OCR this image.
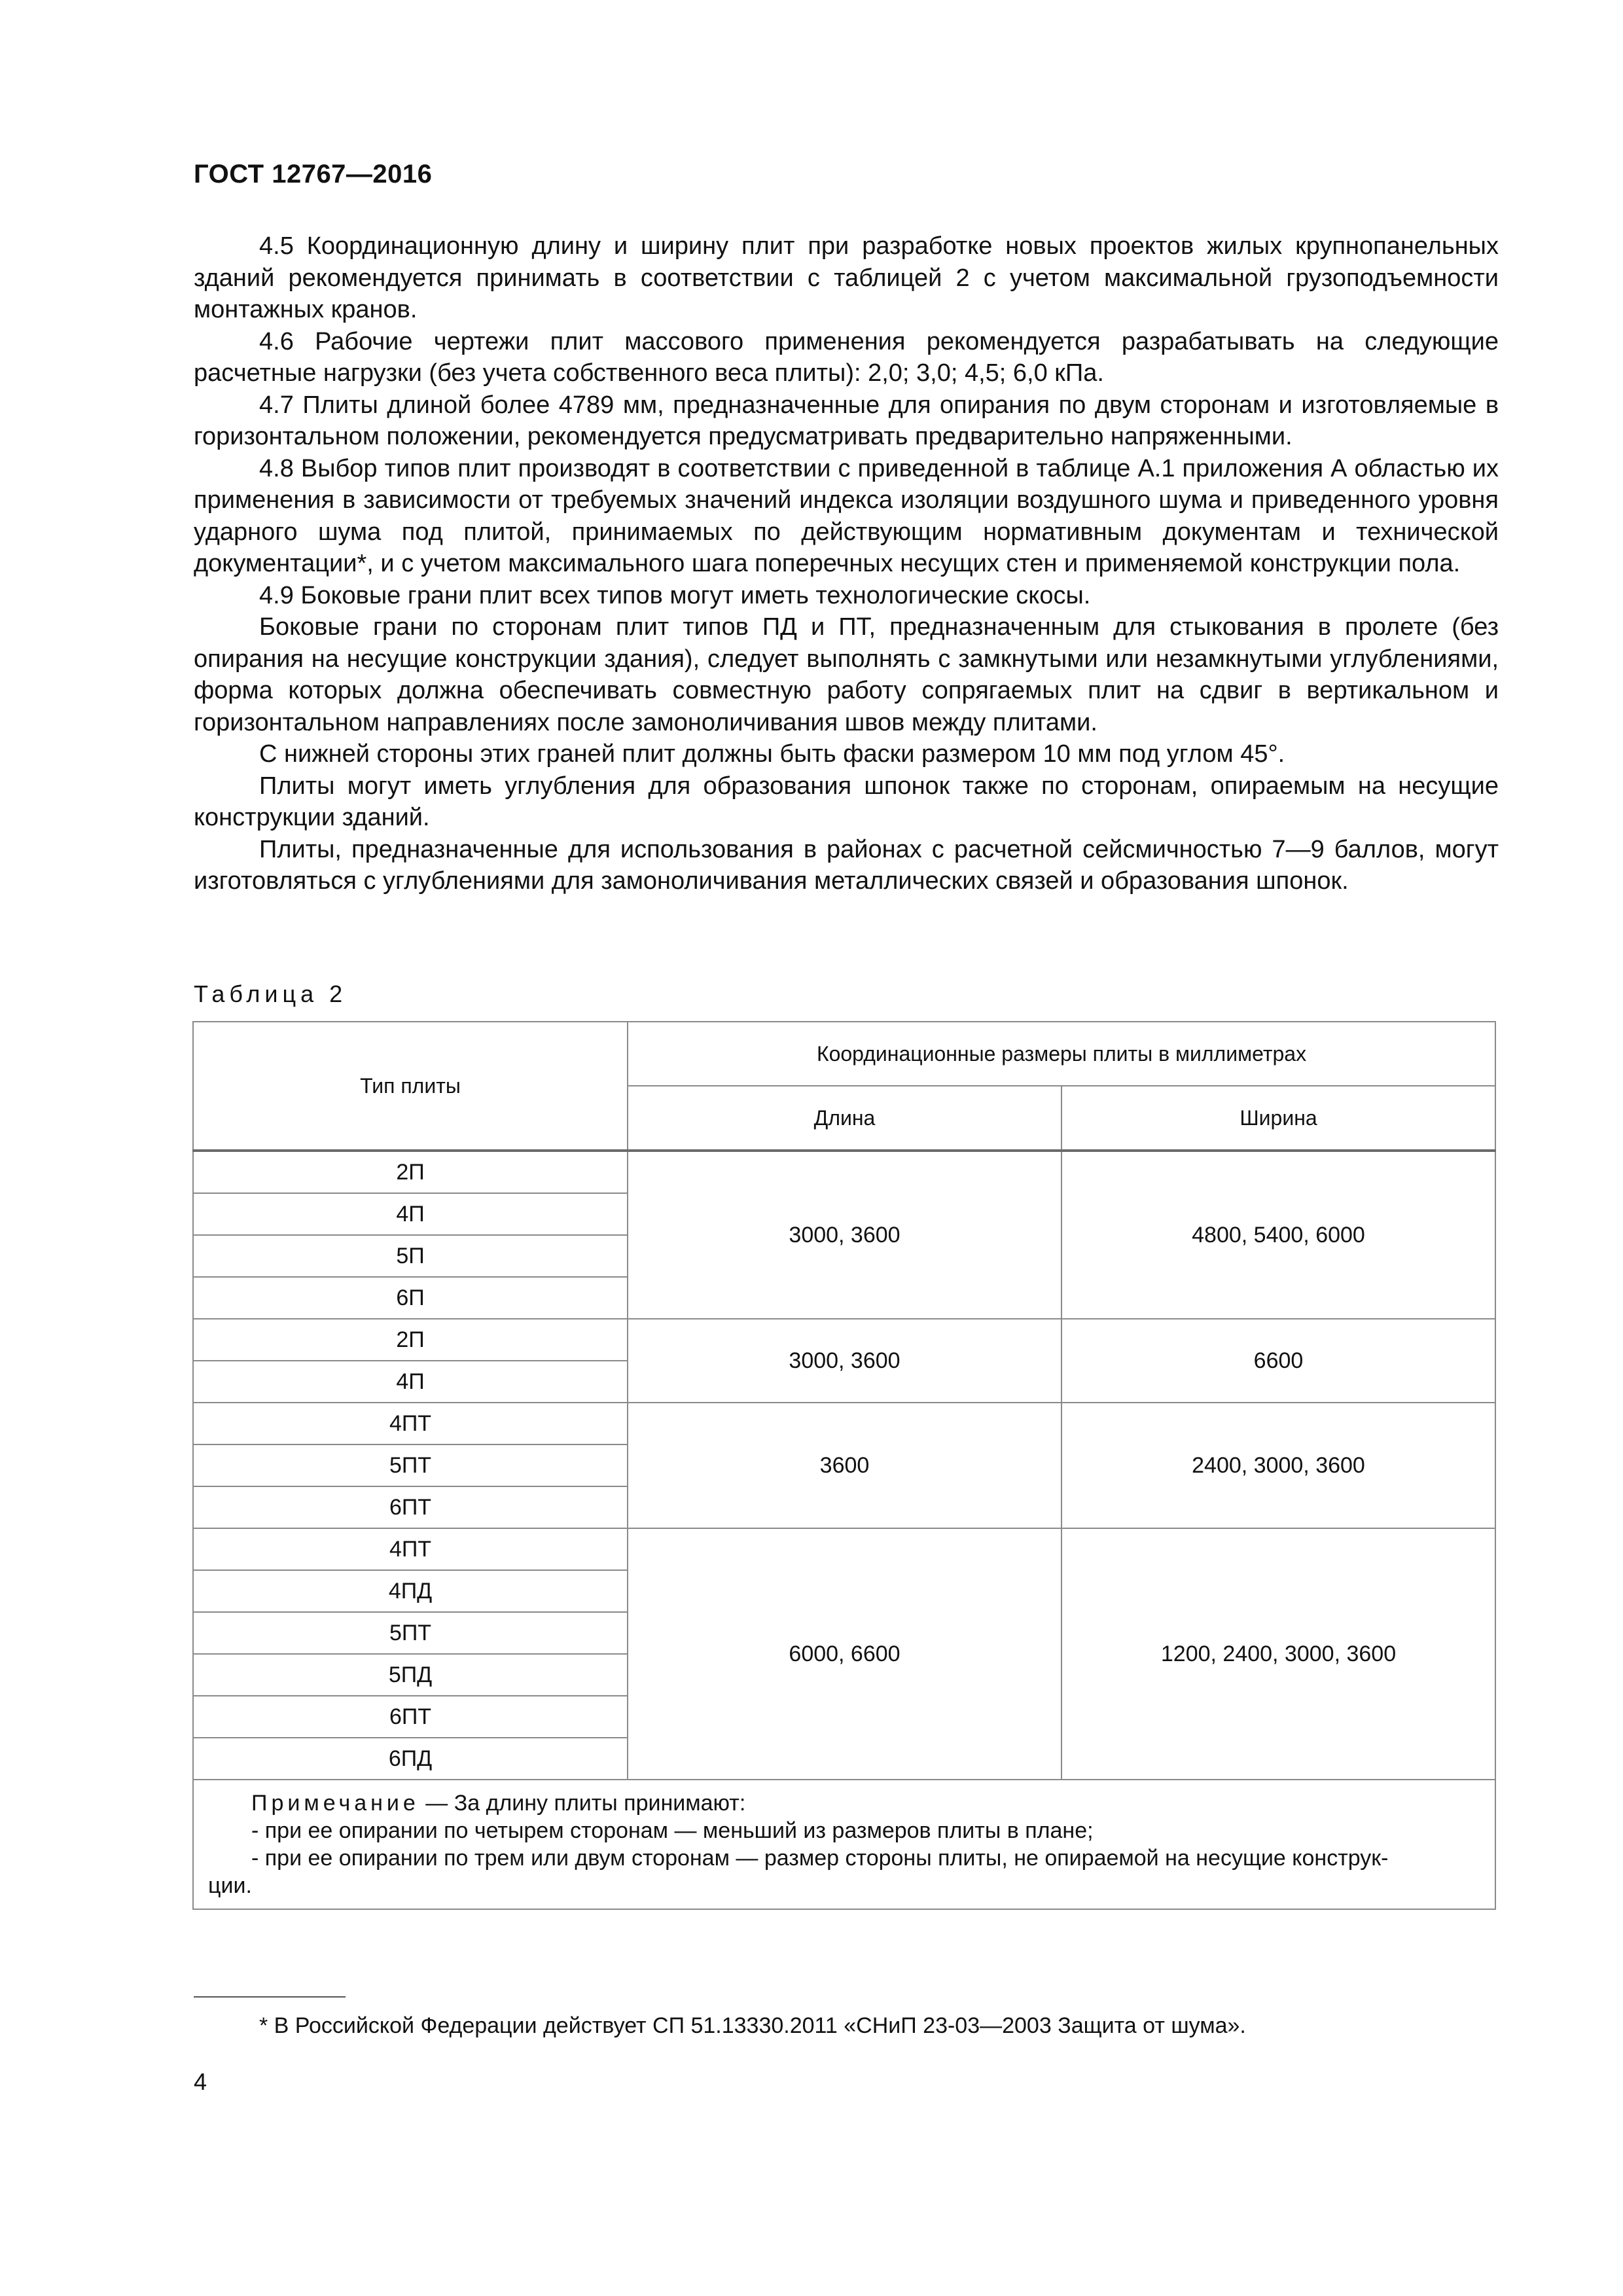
ГОСТ 12767—2016

4.5 Координационную длину и ширину плит при разработке новых проектов жилых крупнопанельных зданий рекомендуется принимать в соответствии с таблицей 2 с учетом максимальной грузоподъемности монтажных кранов.

4.6 Рабочие чертежи плит массового применения рекомендуется разрабатывать на следующие расчетные нагрузки (без учета собственного веса плиты): 2,0; 3,0; 4,5; 6,0 кПа.

4.7 Плиты длиной более 4789 мм, предназначенные для опирания по двум сторонам и изготовляемые в горизонтальном положении, рекомендуется предусматривать предварительно напряженными.

4.8 Выбор типов плит производят в соответствии с приведенной в таблице А.1 приложения А областью их применения в зависимости от требуемых значений индекса изоляции воздушного шума и приведенного уровня ударного шума под плитой, принимаемых по действующим нормативным документам и технической документации*, и с учетом максимального шага поперечных несущих стен и применяемой конструкции пола.

4.9 Боковые грани плит всех типов могут иметь технологические скосы.

Боковые грани по сторонам плит типов ПД и ПТ, предназначенным для стыкования в пролете (без опирания на несущие конструкции здания), следует выполнять с замкнутыми или незамкнутыми углублениями, форма которых должна обеспечивать совместную работу сопрягаемых плит на сдвиг в вертикальном и горизонтальном направлениях после замоноличивания швов между плитами.

С нижней стороны этих граней плит должны быть фаски размером 10 мм под углом 45°.

Плиты могут иметь углубления для образования шпонок также по сторонам, опираемым на несущие конструкции зданий.

Плиты, предназначенные для использования в районах с расчетной сейсмичностью 7—9 баллов, могут изготовляться с углублениями для замоноличивания металлических связей и образования шпонок.

Таблица 2
Тип плиты	Координационные размеры плиты в миллиметрах	
	Длина	Ширина
2П	3000, 3600	4800, 5400, 6000
4П		
5П		
6П		
2П	3000, 3600	6600
4П		
4ПТ	3600	2400, 3000, 3600
5ПТ		
6ПТ		
4ПТ	6000, 6600	1200, 2400, 3000, 3600
4ПД		
5ПТ		
5ПД		
6ПТ		
6ПД		

Примечание — За длину плиты принимают:
- при ее опирании по четырем сторонам — меньший из размеров плиты в плане;
- при ее опирании по трем или двум сторонам — размер стороны плиты, не опираемой на несущие конструк-
ции.		
* В Российской Федерации действует СП 51.13330.2011 «СНиП 23-03—2003 Защита от шума».
4
